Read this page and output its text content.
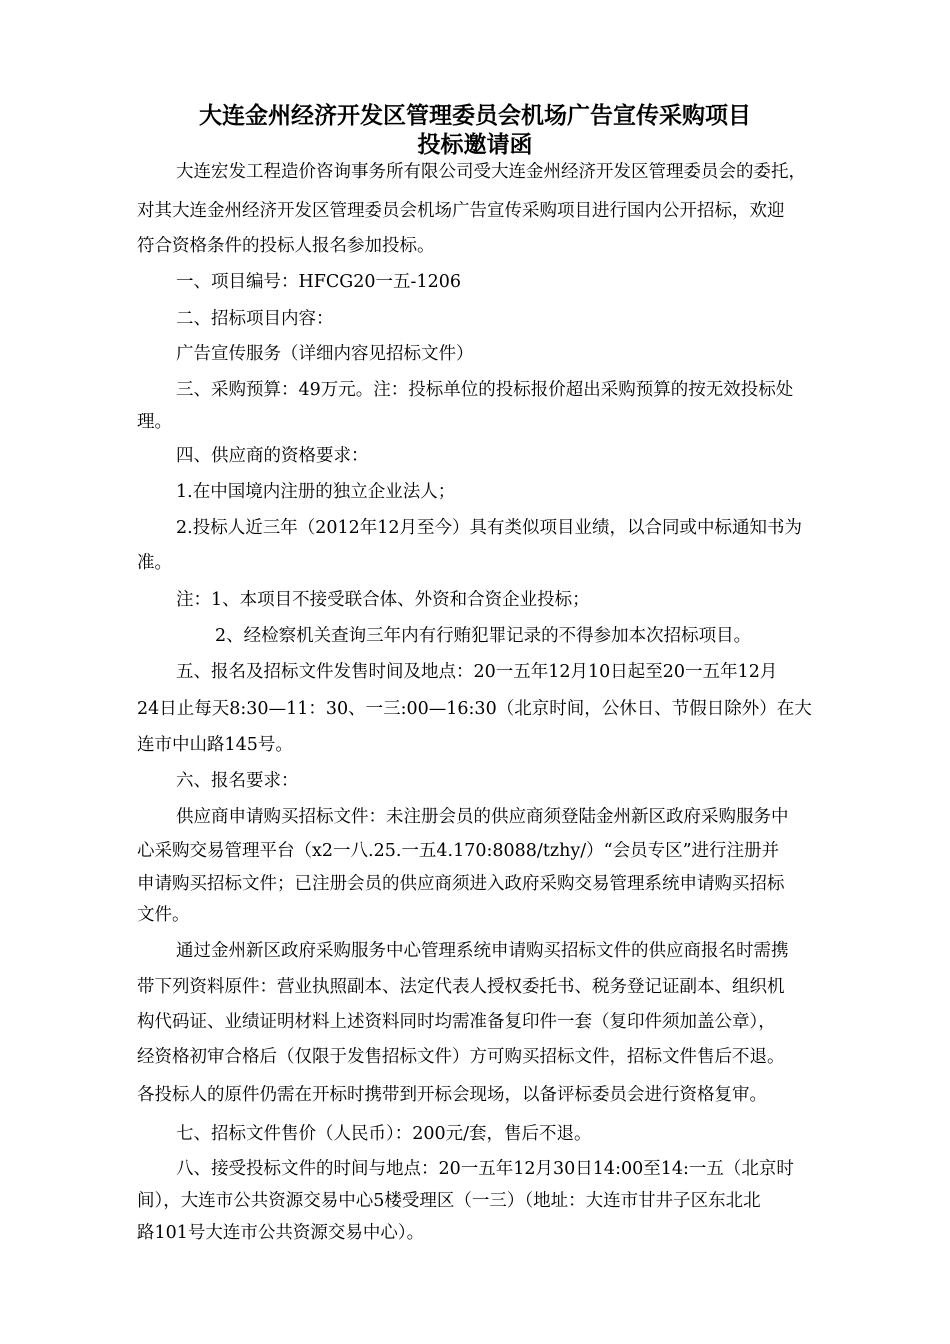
大连金州经济开发区管理委员会机场广告宣传采购项目
投标邀请函
大连宏发工程造价咨询事务所有限公司受大连金州经济开发区管理委员会的委托，
对其大连金州经济开发区管理委员会机场广告宣传采购项目进行国内公开招标，欢迎
符合资格条件的投标人报名参加投标。
一、项目编号：HFCG20一五-1206
二、招标项目内容：
广告宣传服务（详细内容见招标文件）
三、采购预算：49万元。注：投标单位的投标报价超出采购预算的按无效投标处
理。
四、供应商的资格要求：
1.在中国境内注册的独立企业法人；
2.投标人近三年（2012年12月至今）具有类似项目业绩，以合同或中标通知书为
准。
注：1、本项目不接受联合体、外资和合资企业投标；
2、经检察机关查询三年内有行贿犯罪记录的不得参加本次招标项目。
五、报名及招标文件发售时间及地点：20一五年12月10日起至20一五年12月
24日止每天8:30—11：30、一三:00—16:30（北京时间，公休日、节假日除外）在大
连市中山路145号。
六、报名要求：
供应商申请购买招标文件：未注册会员的供应商须登陆金州新区政府采购服务中
心采购交易管理平台（x2一八.25.一五4.170:8088/tzhy/）“会员专区”进行注册并
申请购买招标文件；已注册会员的供应商须进入政府采购交易管理系统申请购买招标
文件。
通过金州新区政府采购服务中心管理系统申请购买招标文件的供应商报名时需携
带下列资料原件：营业执照副本、法定代表人授权委托书、税务登记证副本、组织机
构代码证、业绩证明材料上述资料同时均需准备复印件一套（复印件须加盖公章），
经资格初审合格后（仅限于发售招标文件）方可购买招标文件，招标文件售后不退。
各投标人的原件仍需在开标时携带到开标会现场，以备评标委员会进行资格复审。
七、招标文件售价（人民币）：200元/套，售后不退。
八、接受投标文件的时间与地点：20一五年12月30日14:00至14:一五（北京时
间），大连市公共资源交易中心5楼受理区（一三）（地址：大连市甘井子区东北北
路101号大连市公共资源交易中心）。
